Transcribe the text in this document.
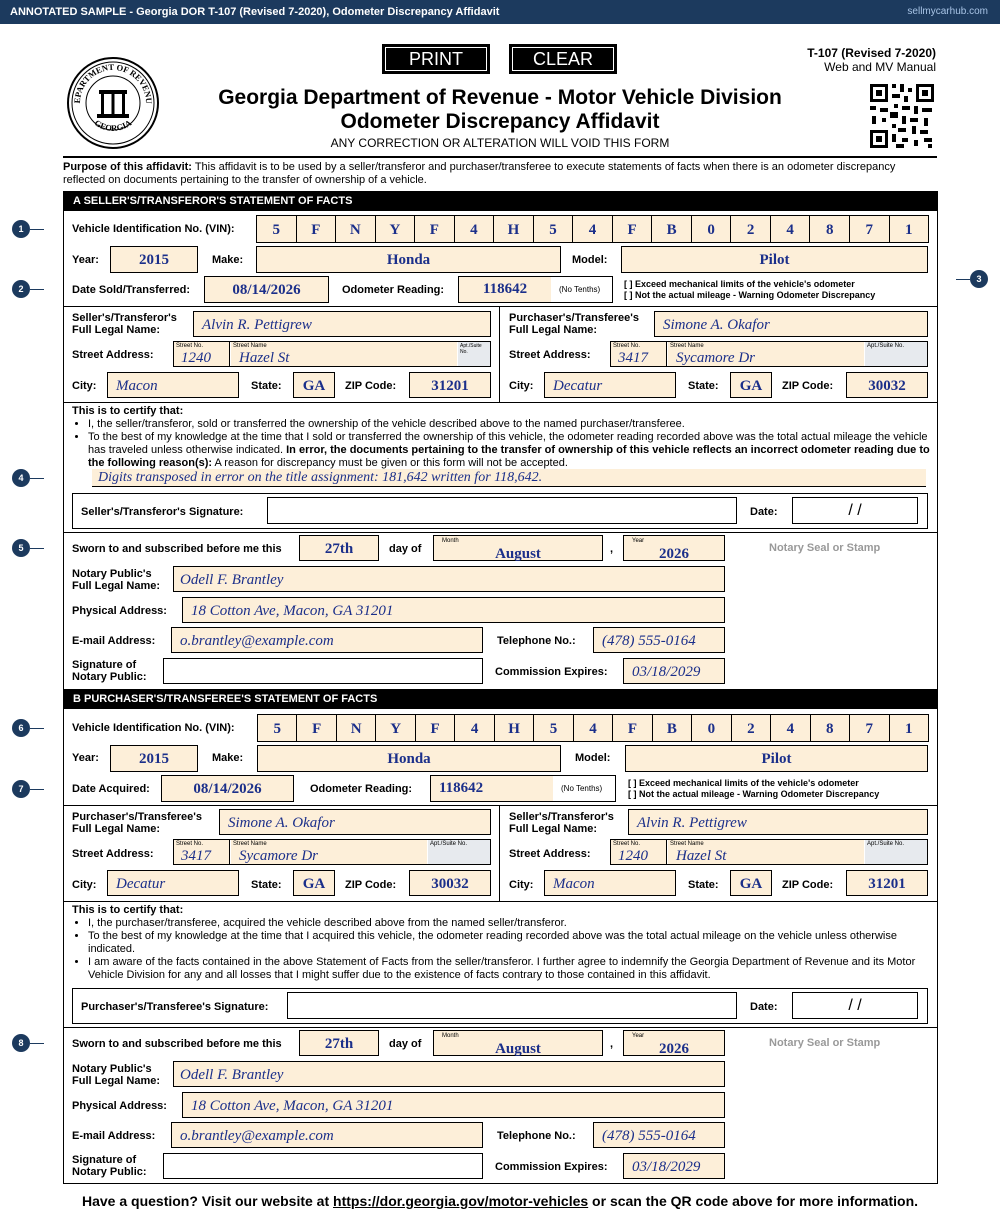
ANNOTATED SAMPLE - Georgia DOR T-107 (Revised 7-2020), Odometer Discrepancy Affidavit	sellmycarhub.com
PRINT	CLEAR	T-107 (Revised 7-2020)
Web and MV Manual
EPARTMENT OF REVENU
GEORGIA
Georgia Department of Revenue - Motor Vehicle Division
Odometer Discrepancy Affidavit
ANY CORRECTION OR ALTERATION WILL VOID THIS FORM
Purpose of this affidavit: This affidavit is to be used by a seller/transferor and purchaser/transferee to execute statements of facts when there is an odometer discrepancy reflected on documents pertaining to the transfer of ownership of a vehicle.
1
2
3
4
5
6
7
8
A SELLER'S/TRANSFEROR'S STATEMENT OF FACTS
Vehicle Identification No. (VIN):	5	F	N	Y	F	4	H	5	4	F	B	0	2	4	8	7	1
Year:	2015	Make:	Honda	Model:	Pilot
Date Sold/Transferred:	08/14/2026	Odometer Reading:	118642	(No Tenths)
[ ] Exceed mechanical limits of the vehicle's odometer
[ ] Not the actual mileage - Warning Odometer Discrepancy
Seller's/Transferor's
Full Legal Name:	Alvin R. Pettigrew
Street Address:
Street No.
1240
Street Name
Hazel St
Apt./Suite No.
City:	Macon	State:	GA	ZIP Code:	31201
Purchaser's/Transferee's
Full Legal Name:	Simone A. Okafor
Street Address:
Street No.
3417
Street Name
Sycamore Dr
Apt./Suite No.
City:	Decatur	State:	GA	ZIP Code:	30032
This is to certify that:
• I, the seller/transferor, sold or transferred the ownership of the vehicle described above to the named purchaser/transferee.
• To the best of my knowledge at the time that I sold or transferred the ownership of this vehicle, the odometer reading recorded above was the total actual mileage the vehicle has traveled unless otherwise indicated. In error, the documents pertaining to the transfer of ownership of this vehicle reflects an incorrect odometer reading due to the following reason(s): A reason for discrepancy must be given or this form will not be accepted.
Digits transposed in error on the title assignment: 181,642 written for 118,642.
Seller's/Transferor's Signature:	Date:	/ /
Sworn to and subscribed before me this	27th	day of
Month
August	,
Year
2026	Notary Seal or Stamp
Notary Public's
Full Legal Name:	Odell F. Brantley
Physical Address:	18 Cotton Ave, Macon, GA 31201
E-mail Address:	o.brantley@example.com	Telephone No.:	(478) 555-0164
Signature of
Notary Public:	Commission Expires:	03/18/2029
B PURCHASER'S/TRANSFEREE'S STATEMENT OF FACTS
Vehicle Identification No. (VIN):	5	F	N	Y	F	4	H	5	4	F	B	0	2	4	8	7	1
Year:	2015	Make:	Honda	Model:	Pilot
Date Acquired:	08/14/2026	Odometer Reading:	118642	(No Tenths)
[ ] Exceed mechanical limits of the vehicle's odometer
[ ] Not the actual mileage - Warning Odometer Discrepancy
Purchaser's/Transferee's
Full Legal Name:	Simone A. Okafor
Street Address:
Street No.
3417
Street Name
Sycamore Dr
Apt./Suite No.
City:	Decatur	State:	GA	ZIP Code:	30032
Seller's/Transferor's
Full Legal Name:	Alvin R. Pettigrew
Street Address:
Street No.
1240
Street Name
Hazel St
Apt./Suite No.
City:	Macon	State:	GA	ZIP Code:	31201
This is to certify that:
• I, the purchaser/transferee, acquired the vehicle described above from the named seller/transferor.
• To the best of my knowledge at the time that I acquired this vehicle, the odometer reading recorded above was the total actual mileage on the vehicle unless otherwise indicated.
• I am aware of the facts contained in the above Statement of Facts from the seller/transferor. I further agree to indemnify the Georgia Department of Revenue and its Motor Vehicle Division for any and all losses that I might suffer due to the existence of facts contrary to those contained in this affidavit.
Purchaser's/Transferee's Signature:	Date:	/ /
Sworn to and subscribed before me this	27th	day of
Month
August	,
Year
2026	Notary Seal or Stamp
Notary Public's
Full Legal Name:	Odell F. Brantley
Physical Address:	18 Cotton Ave, Macon, GA 31201
E-mail Address:	o.brantley@example.com	Telephone No.:	(478) 555-0164
Signature of
Notary Public:	Commission Expires:	03/18/2029
Have a question? Visit our website at https://dor.georgia.gov/motor-vehicles or scan the QR code above for more information.
